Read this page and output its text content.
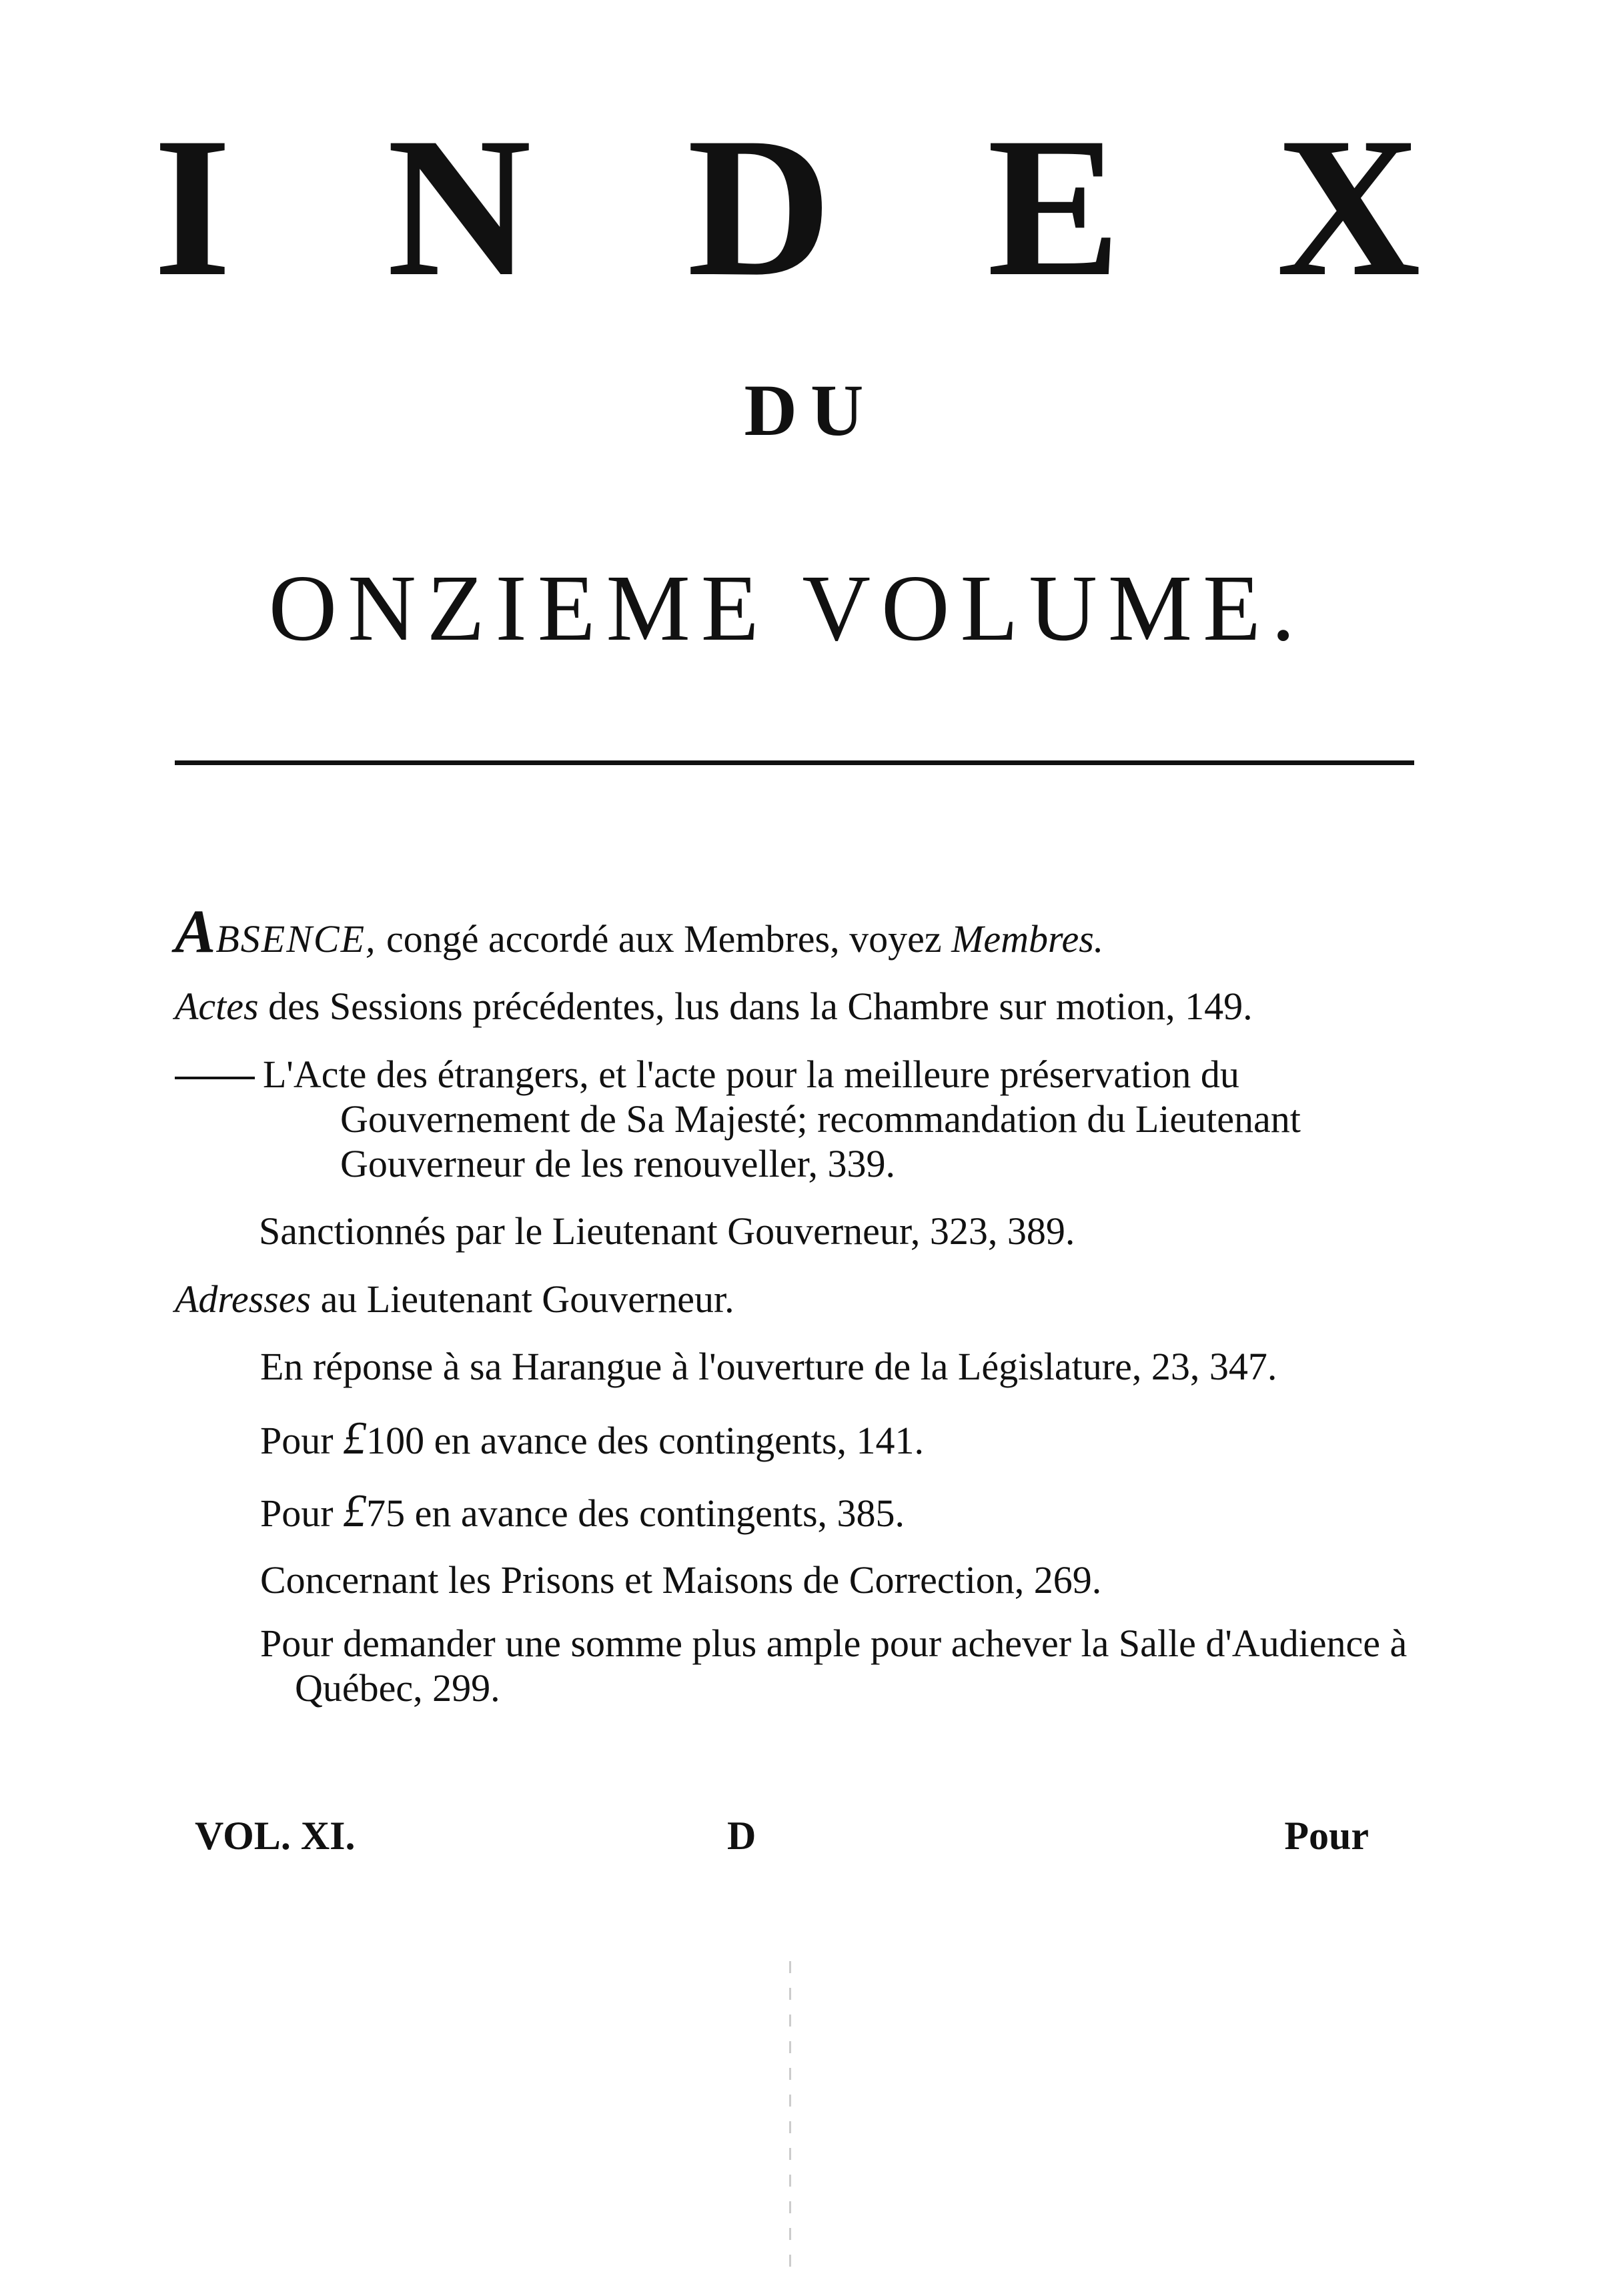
I N D E X
DU
ONZIEME VOLUME.
ABSENCE, congé accordé aux Membres, voyez Membres.
Actes des Sessions précédentes, lus dans la Chambre sur motion, 149.
L'Acte des étrangers, et l'acte pour la meilleure préservation du
Gouvernement de Sa Majesté; recommandation du Lieutenant Gouverneur de les renouveller, 339.
Sanctionnés par le Lieutenant Gouverneur, 323, 389.
Adresses au Lieutenant Gouverneur.
En réponse à sa Harangue à l'ouverture de la Législature, 23, 347.
Pour £100 en avance des contingents, 141.
Pour £75 en avance des contingents, 385.
Concernant les Prisons et Maisons de Correction, 269.
Pour demander une somme plus ample pour achever la Salle d'Audience à Québec, 299.
VOL. XI.	D	Pour
